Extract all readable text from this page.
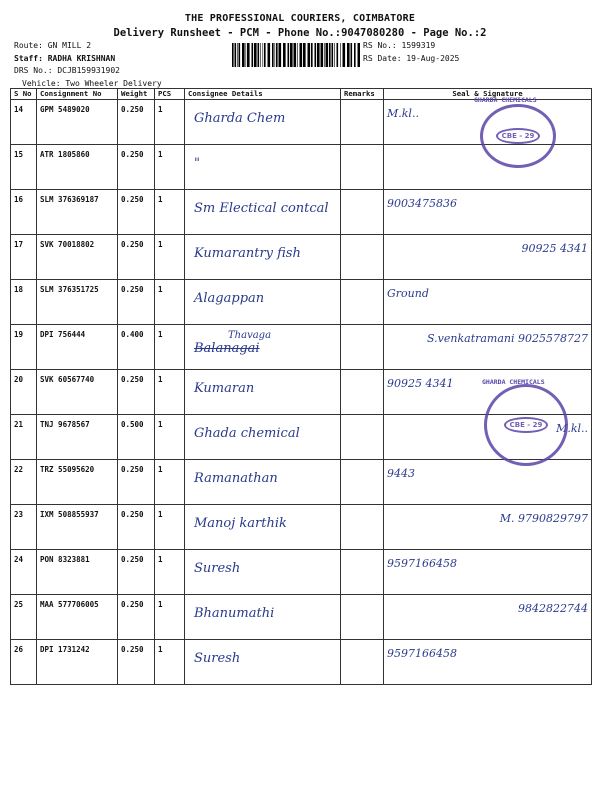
THE PROFESSIONAL COURIERS, COIMBATORE
Delivery Runsheet - PCM - Phone No.:9047080280 - Page No.:2
Route: GN MILL 2
Staff: RADHA KRISHNAN
DRS No.: DCJB159931902
Vehicle: Two Wheeler Delivery
RS No.: 1599319
RS Date: 19-Aug-2025
S No	Consignment No	Weight	PCS	Consignee Details	Remarks	Seal & Signature
14	GPM 5489020	0.250	1	Gharda Chem		M.kl..

15	ATR 1805860	0.250	1	"		

16	SLM 376369187	0.250	1	Sm Electical contcal		9003475836

17	SVK 70018802	0.250	1	Kumarantry fish		90925 4341

18	SLM 376351725	0.250	1	Alagappan		Ground

19	DPI 756444	0.400	1	Thavaga
Balanagai		S.venkatramani 9025578727

20	SVK 60567740	0.250	1	Kumaran		90925 4341

21	TNJ 9678567	0.500	1	Ghada chemical		M.kl..

22	TRZ 55095620	0.250	1	Ramanathan		9443

23	IXM 508855937	0.250	1	Manoj karthik		M. 9790829797

24	PON 8323881	0.250	1	Suresh		9597166458

25	MAA 577706005	0.250	1	Bhanumathi		9842822744

26	DPI 1731242	0.250	1	Suresh		9597166458
CBE - 29
GHARDA CHEMICALS
CBE - 29
GHARDA CHEMICALS
